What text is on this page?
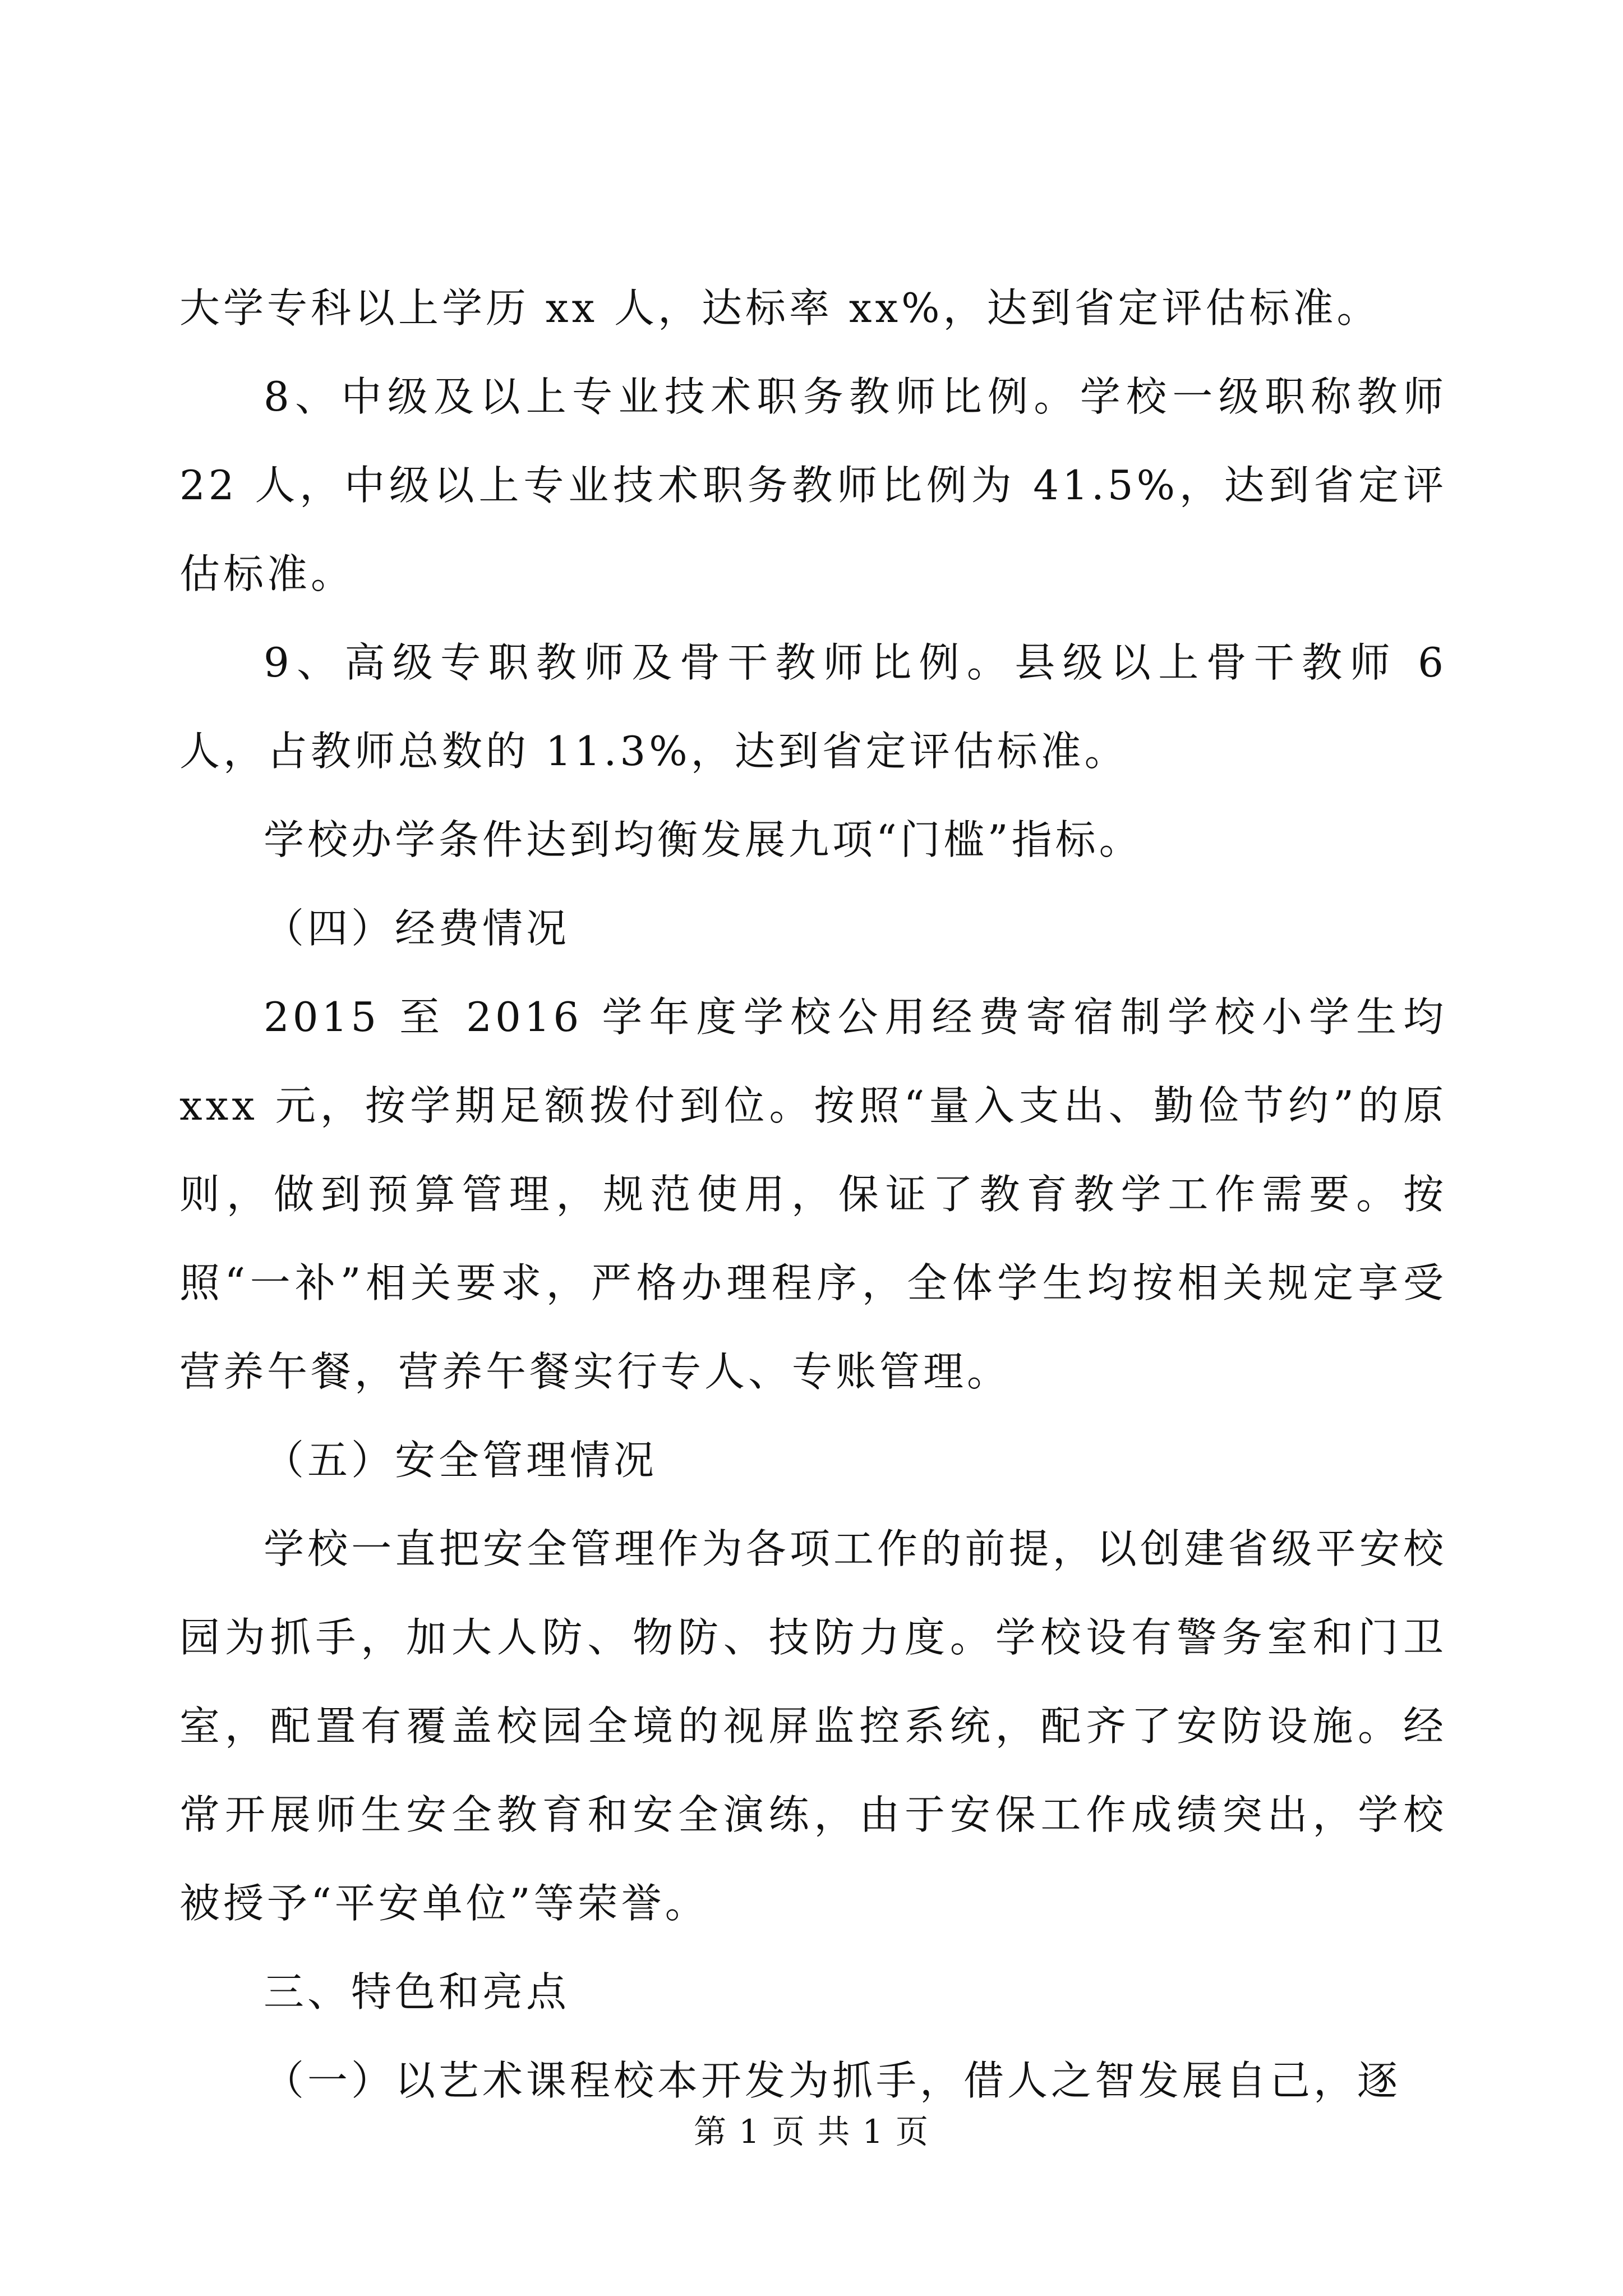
大学专科以上学历 xx 人，达标率 xx%，达到省定评估标准。

8、中级及以上专业技术职务教师比例。学校一级职称教师 22 人，中级以上专业技术职务教师比例为 41.5%，达到省定评估标准。

9、高级专职教师及骨干教师比例。县级以上骨干教师 6 人，占教师总数的 11.3%，达到省定评估标准。

学校办学条件达到均衡发展九项“门槛”指标。

（四）经费情况

2015 至 2016 学年度学校公用经费寄宿制学校小学生均 xxx 元，按学期足额拨付到位。按照“量入支出、勤俭节约”的原则，做到预算管理，规范使用，保证了教育教学工作需要。按照“一补”相关要求，严格办理程序，全体学生均按相关规定享受营养午餐，营养午餐实行专人、专账管理。

（五）安全管理情况

学校一直把安全管理作为各项工作的前提，以创建省级平安校园为抓手，加大人防、物防、技防力度。学校设有警务室和门卫室，配置有覆盖校园全境的视屏监控系统，配齐了安防设施。经常开展师生安全教育和安全演练，由于安保工作成绩突出，学校被授予“平安单位”等荣誉。

三、特色和亮点

（一）以艺术课程校本开发为抓手，借人之智发展自己，逐

第 1 页 共 1 页
